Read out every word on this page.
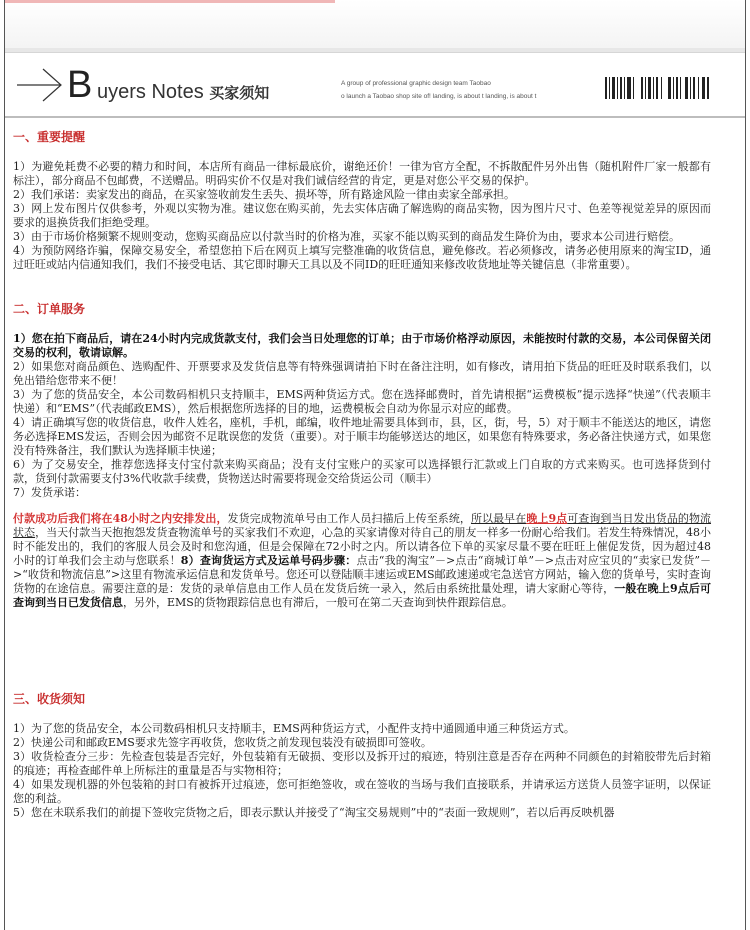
B uyers Notes 买家须知
A group of professional graphic design team Taobao
o launch a Taobao shop site of! landing, is about t landing, is about t
一、重要提醒

1）为避免耗费不必要的精力和时间，本店所有商品一律标最底价，谢绝还价！一律为官方全配，不拆散配件另外出售（随机附件厂家一般都有标注），部分商品不包邮费，不送赠品。明码实价不仅是对我们诚信经营的肯定，更是对您公平交易的保护。

2）我们承诺：卖家发出的商品，在买家签收前发生丢失、损坏等，所有路途风险一律由卖家全部承担。

3）网上发布图片仅供参考，外观以实物为准。建议您在购买前，先去实体店确了解选购的商品实物，因为图片尺寸、色差等视觉差异的原因而要求的退换货我们拒绝受理。

3）由于市场价格频繁不规则变动，您购买商品应以付款当时的价格为准，买家不能以购买到的商品发生降价为由，要求本公司进行赔偿。

4）为预防网络诈骗，保障交易安全，希望您拍下后在网页上填写完整准确的收货信息，避免修改。若必须修改，请务必使用原来的淘宝ID，通过旺旺或站内信通知我们，我们不接受电话、其它即时聊天工具以及不同ID的旺旺通知来修改收货地址等关键信息（非常重要）。

二、订单服务

1）您在拍下商品后，请在24小时内完成货款支付，我们会当日处理您的订单；由于市场价格浮动原因，未能按时付款的交易，本公司保留关闭交易的权利，敬请谅解。

2）如果您对商品颜色、选购配件、开票要求及发货信息等有特殊强调请拍下时在备注注明，如有修改，请用拍下货品的旺旺及时联系我们，以免出错给您带来不便！

3）为了您的货品安全，本公司数码相机只支持顺丰，EMS两种货运方式。您在选择邮费时，首先请根据“运费模板”提示选择“快递”（代表顺丰快递）和“EMS”（代表邮政EMS），然后根据您所选择的目的地，运费模板会自动为你显示对应的邮费。

4）请正确填写您的收货信息，收件人姓名，座机，手机，邮编，收件地址需要具体到市，县，区，街，号，5）对于顺丰不能送达的地区，请您务必选择EMS发运，否则会因为邮资不足耽误您的发货（重要）。对于顺丰均能够送达的地区，如果您有特殊要求，务必备注快递方式，如果您没有特殊备注，我们默认为选择顺丰快递；

6）为了交易安全，推荐您选择支付宝付款来购买商品；没有支付宝账户的买家可以选择银行汇款或上门自取的方式来购买。也可选择货到付款，货到付款需要支付3%代收款手续费，货物送达时需要将现金交给货运公司（顺丰）

7）发货承诺：

付款成功后我们将在48小时之内安排发出，发货完成物流单号由工作人员扫描后上传至系统，所以最早在晚上9点可查询到当日发出货品的物流状态，当天付款当天抱抱怨发货查物流单号的买家我们不欢迎，心急的买家请像对待自己的朋友一样多一份耐心给我们。若发生特殊情况，48小时不能发出的，我们的客服人员会及时和您沟通，但是会保障在72小时之内。所以请各位下单的买家尽量不要在旺旺上催促发货，因为超过48小时的订单我们会主动与您联系！8）查询货运方式及运单号码步骤：点击“我的淘宝”－>点击“商城订单”－>点击对应宝贝的“卖家已发货”－>“收货和物流信息”>这里有物流承运信息和发货单号。您还可以登陆顺丰速运或EMS邮政速递或宅急送官方网站，输入您的货单号，实时查询货物的在途信息。需要注意的是：发货的录单信息由工作人员在发货后统一录入，然后由系统批量处理，请大家耐心等待，一般在晚上9点后可查询到当日已发货信息，另外，EMS的货物跟踪信息也有滞后，一般可在第二天查询到快件跟踪信息。

三、收货须知

1）为了您的货品安全，本公司数码相机只支持顺丰，EMS两种货运方式，小配件支持中通圆通申通三种货运方式。

2）快递公司和邮政EMS要求先签字再收货，您收货之前发现包装没有破损即可签收。

3）收货检查分三步：先检查包装是否完好，外包装箱有无破损、变形以及拆开过的痕迹，特别注意是否存在两种不同颜色的封箱胶带先后封箱的痕迹；再检查邮件单上所标注的重量是否与实物相符；

4）如果发现机器的外包装箱的封口有被拆开过痕迹，您可拒绝签收，或在签收的当场与我们直接联系，并请承运方送货人员签字证明，以保证您的利益。

5）您在未联系我们的前提下签收完货物之后，即表示默认并接受了“淘宝交易规则”中的“表面一致规则”，若以后再反映机器
